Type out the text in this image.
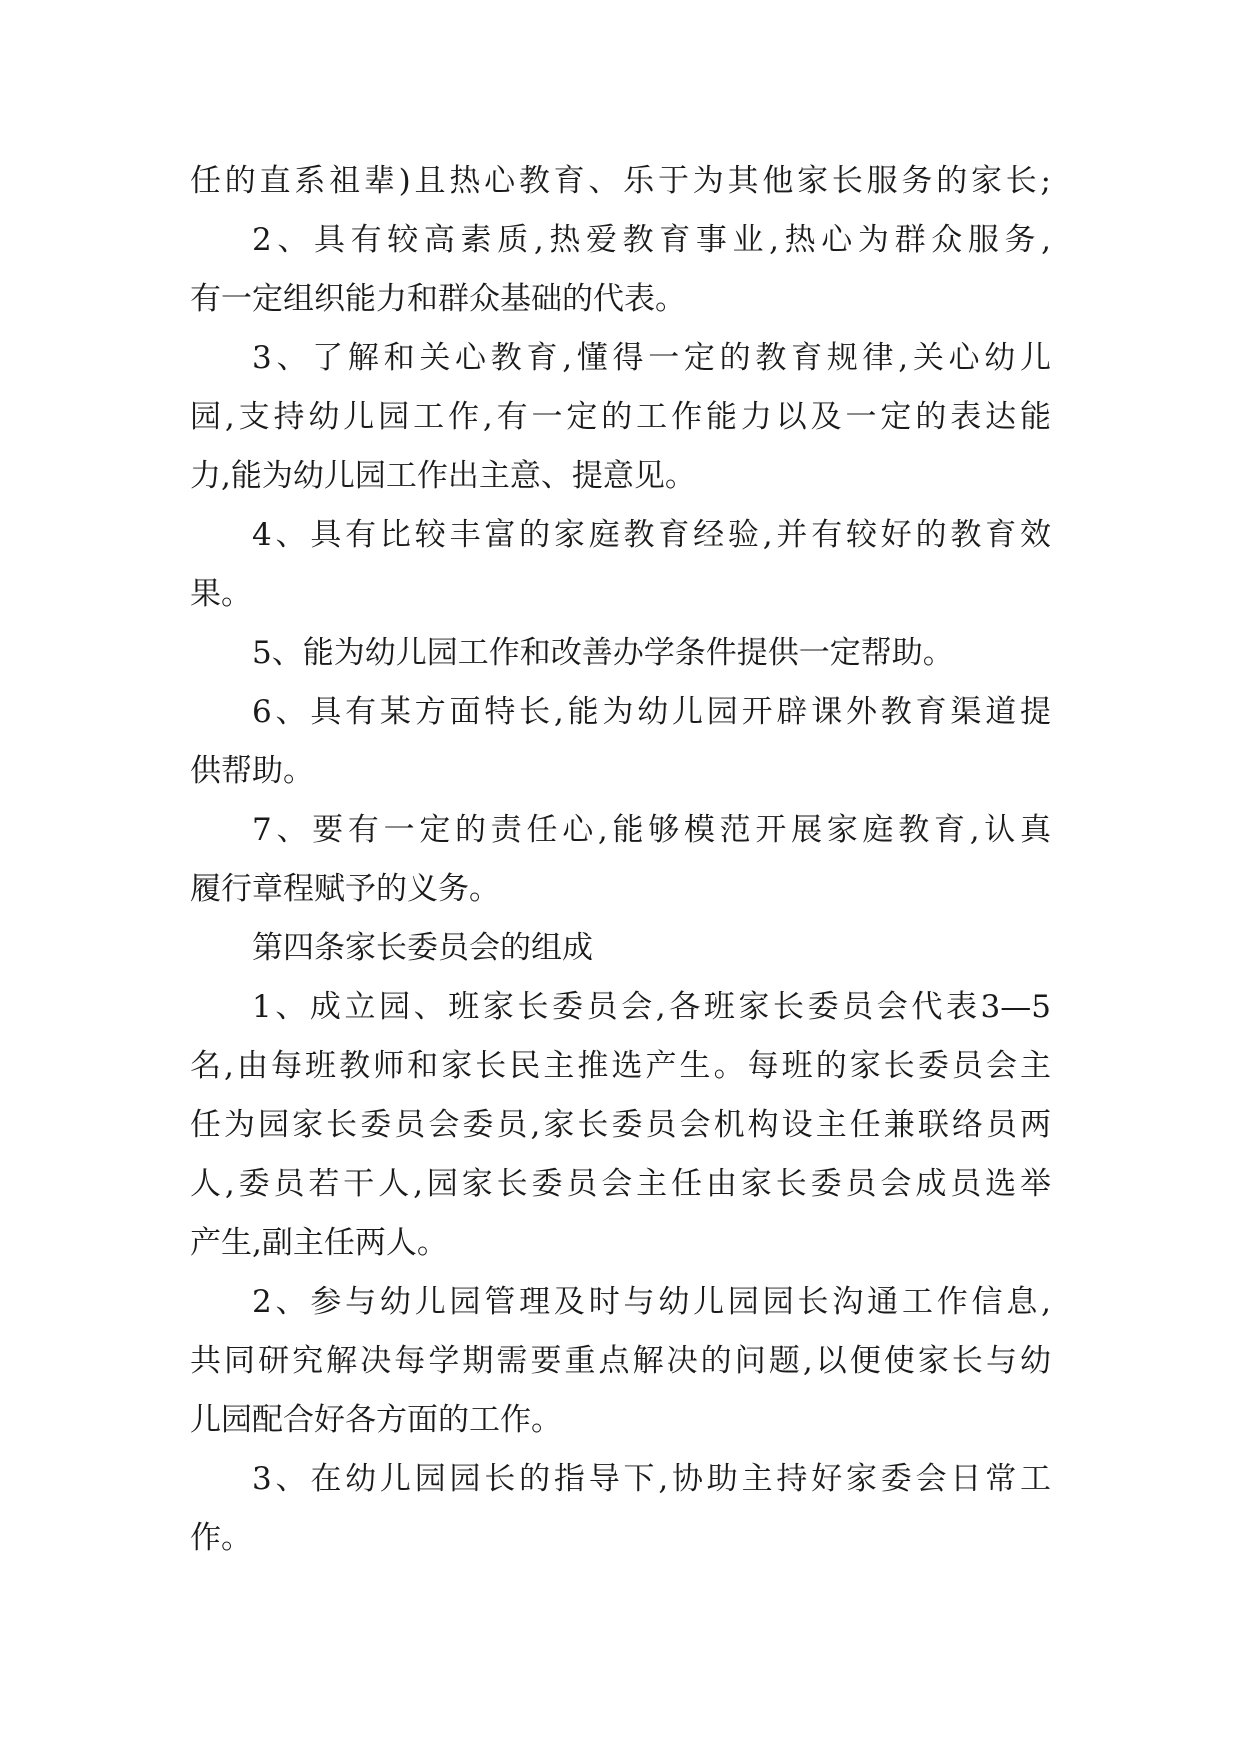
任的直系祖辈)且热心教育、乐于为其他家长服务的家长;
2、具有较高素质,热爱教育事业,热心为群众服务,
有一定组织能力和群众基础的代表。
3、了解和关心教育,懂得一定的教育规律,关心幼儿
园,支持幼儿园工作,有一定的工作能力以及一定的表达能
力,能为幼儿园工作出主意、提意见。
4、具有比较丰富的家庭教育经验,并有较好的教育效
果。
5、能为幼儿园工作和改善办学条件提供一定帮助。
6、具有某方面特长,能为幼儿园开辟课外教育渠道提
供帮助。
7、要有一定的责任心,能够模范开展家庭教育,认真
履行章程赋予的义务。
第四条家长委员会的组成
1、成立园、班家长委员会,各班家长委员会代表3—5
名,由每班教师和家长民主推选产生。每班的家长委员会主
任为园家长委员会委员,家长委员会机构设主任兼联络员两
人,委员若干人,园家长委员会主任由家长委员会成员选举
产生,副主任两人。
2、参与幼儿园管理及时与幼儿园园长沟通工作信息,
共同研究解决每学期需要重点解决的问题,以便使家长与幼
儿园配合好各方面的工作。
3、在幼儿园园长的指导下,协助主持好家委会日常工
作。
